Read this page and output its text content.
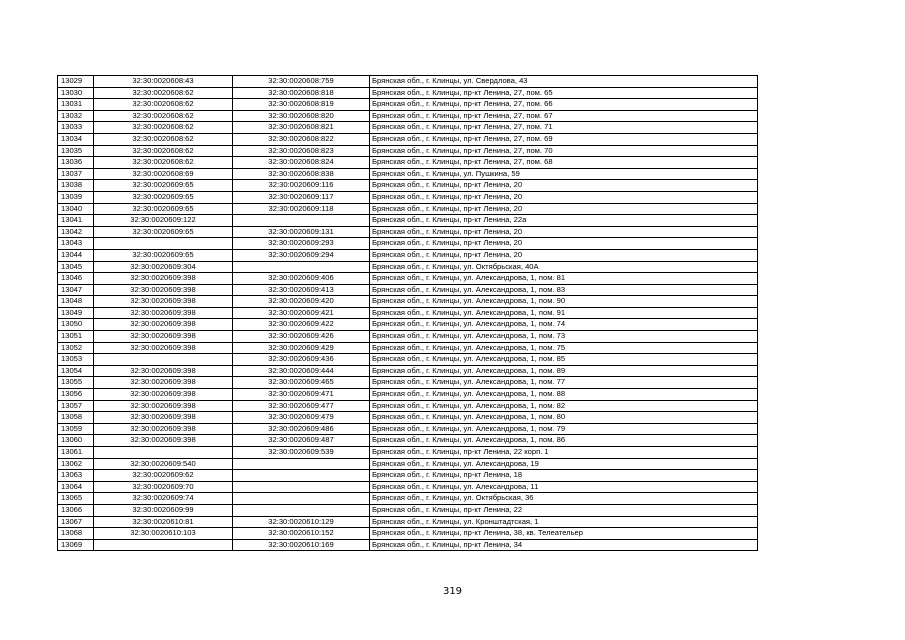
13029	32:30:0020608:43	32:30:0020608:759	Брянская обл., г. Клинцы, ул. Свердлова, 43
13030	32:30:0020608:62	32:30:0020608:818	Брянская обл., г. Клинцы, пр-кт Ленина, 27, пом. 65
13031	32:30:0020608:62	32:30:0020608:819	Брянская обл., г. Клинцы, пр-кт Ленина, 27, пом. 66
13032	32:30:0020608:62	32:30:0020608:820	Брянская обл., г. Клинцы, пр-кт Ленина, 27, пом. 67
13033	32:30:0020608:62	32:30:0020608:821	Брянская обл., г. Клинцы, пр-кт Ленина, 27, пом. 71
13034	32:30:0020608:62	32:30:0020608:822	Брянская обл., г. Клинцы, пр-кт Ленина, 27, пом. 69
13035	32:30:0020608:62	32:30:0020608:823	Брянская обл., г. Клинцы, пр-кт Ленина, 27, пом. 70
13036	32:30:0020608:62	32:30:0020608:824	Брянская обл., г. Клинцы, пр-кт Ленина, 27, пом. 68
13037	32:30:0020608:69	32:30:0020608:838	Брянская обл., г. Клинцы, ул. Пушкина, 59
13038	32:30:0020609:65	32:30:0020609:116	Брянская обл., г. Клинцы, пр-кт Ленина, 20
13039	32:30:0020609:65	32:30:0020609:117	Брянская обл., г. Клинцы, пр-кт Ленина, 20
13040	32:30:0020609:65	32:30:0020609:118	Брянская обл., г. Клинцы, пр-кт Ленина, 20
13041	32:30:0020609:122		Брянская обл., г. Клинцы, пр-кт Ленина, 22а
13042	32:30:0020609:65	32:30:0020609:131	Брянская обл., г. Клинцы, пр-кт Ленина, 20
13043		32:30:0020609:293	Брянская обл., г. Клинцы, пр-кт Ленина, 20
13044	32:30:0020609:65	32:30:0020609:294	Брянская обл., г. Клинцы, пр-кт Ленина, 20
13045	32:30:0020609:304		Брянская обл., г. Клинцы, ул. Октябрьская, 40А
13046	32:30:0020609:398	32:30:0020609:406	Брянская обл., г. Клинцы, ул. Александрова, 1, пом. 81
13047	32:30:0020609:398	32:30:0020609:413	Брянская обл., г. Клинцы, ул. Александрова, 1, пом. 83
13048	32:30:0020609:398	32:30:0020609:420	Брянская обл., г. Клинцы, ул. Александрова, 1, пом. 90
13049	32:30:0020609:398	32:30:0020609:421	Брянская обл., г. Клинцы, ул. Александрова, 1, пом. 91
13050	32:30:0020609:398	32:30:0020609:422	Брянская обл., г. Клинцы, ул. Александрова, 1, пом. 74
13051	32:30:0020609:398	32:30:0020609:426	Брянская обл., г. Клинцы, ул. Александрова, 1, пом. 73
13052	32:30:0020609:398	32:30:0020609:429	Брянская обл., г. Клинцы, ул. Александрова, 1, пом. 75
13053		32:30:0020609:436	Брянская обл., г. Клинцы, ул. Александрова, 1, пом. 85
13054	32:30:0020609:398	32:30:0020609:444	Брянская обл., г. Клинцы, ул. Александрова, 1, пом. 89
13055	32:30:0020609:398	32:30:0020609:465	Брянская обл., г. Клинцы, ул. Александрова, 1, пом. 77
13056	32:30:0020609:398	32:30:0020609:471	Брянская обл., г. Клинцы, ул. Александрова, 1, пом. 88
13057	32:30:0020609:398	32:30:0020609:477	Брянская обл., г. Клинцы, ул. Александрова, 1, пом. 82
13058	32:30:0020609:398	32:30:0020609:479	Брянская обл., г. Клинцы, ул. Александрова, 1, пом. 80
13059	32:30:0020609:398	32:30:0020609:486	Брянская обл., г. Клинцы, ул. Александрова, 1, пом. 79
13060	32:30:0020609:398	32:30:0020609:487	Брянская обл., г. Клинцы, ул. Александрова, 1, пом. 86
13061		32:30:0020609:539	Брянская обл., г. Клинцы, пр-кт Ленина, 22 корп. 1
13062	32:30:0020609:540		Брянская обл., г. Клинцы, ул. Александрова, 19
13063	32:30:0020609:62		Брянская обл., г. Клинцы, пр-кт Ленина, 18
13064	32:30:0020609:70		Брянская обл., г. Клинцы, ул. Александрова, 11
13065	32:30:0020609:74		Брянская обл., г. Клинцы, ул. Октябрьская, 36
13066	32:30:0020609:99		Брянская обл., г. Клинцы, пр-кт Ленина, 22
13067	32:30:0020610:81	32:30:0020610:129	Брянская обл., г. Клинцы, ул. Кронштадтская, 1
13068	32:30:0020610:103	32:30:0020610:152	Брянская обл., г. Клинцы, пр-кт Ленина, 38, кв. Телеательер
13069		32:30:0020610:169	Брянская обл., г. Клинцы, пр-кт Ленина, 34
319
